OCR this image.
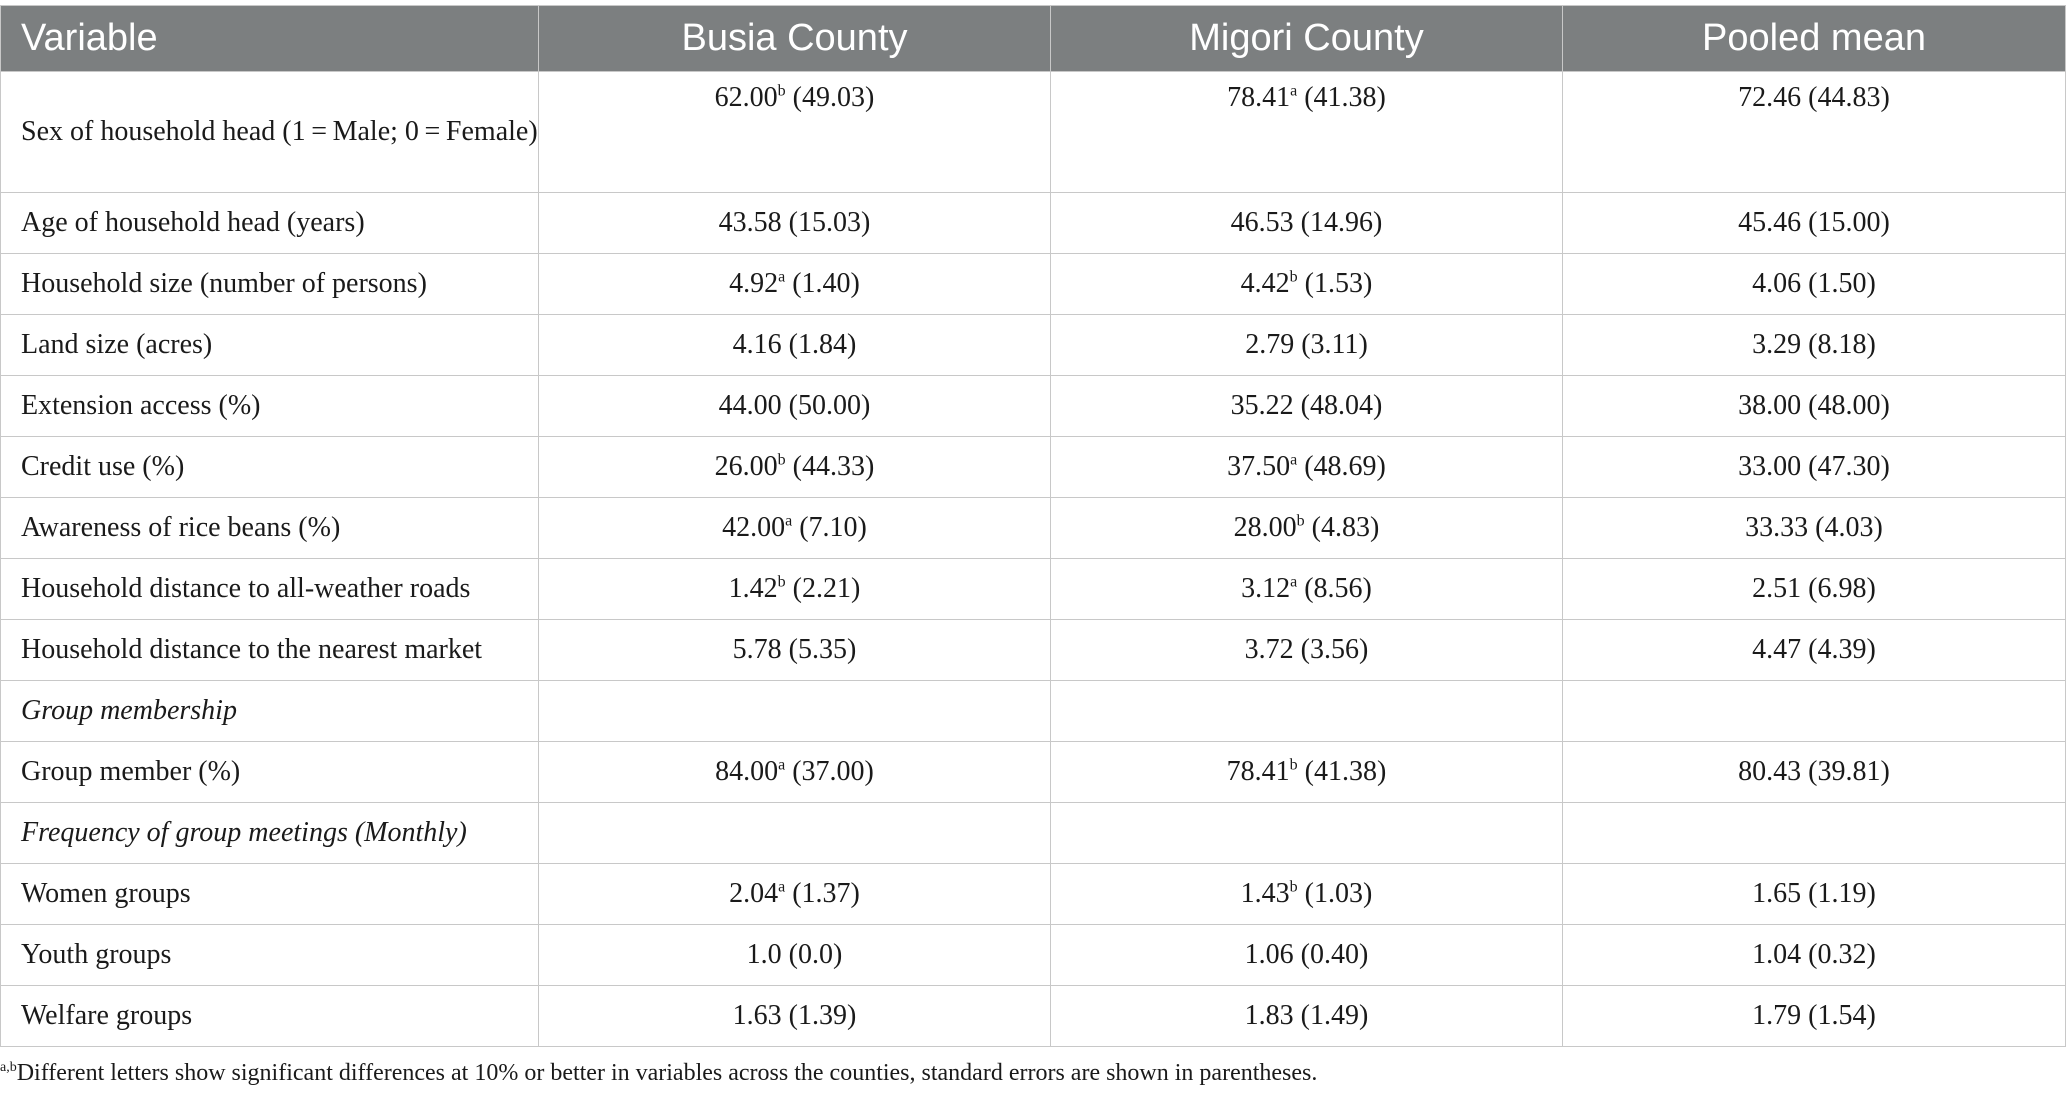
Variable	Busia County	Migori County	Pooled mean
Sex of household head (1 = Male; 0 = Female)	62.00$^b$ (49.03)	78.41$^a$ (41.38)	72.46 (44.83)
Age of household head (years)	43.58 (15.03)	46.53 (14.96)	45.46 (15.00)
Household size (number of persons)	4.92$^a$ (1.40)	4.42$^b$ (1.53)	4.06 (1.50)
Land size (acres)	4.16 (1.84)	2.79 (3.11)	3.29 (8.18)
Extension access (%)	44.00 (50.00)	35.22 (48.04)	38.00 (48.00)
Credit use (%)	26.00$^b$ (44.33)	37.50$^a$ (48.69)	33.00 (47.30)
Awareness of rice beans (%)	42.00$^a$ (7.10)	28.00$^b$ (4.83)	33.33 (4.03)
Household distance to all-weather roads	1.42$^b$ (2.21)	3.12$^a$ (8.56)	2.51 (6.98)
Household distance to the nearest market	5.78 (5.35)	3.72 (3.56)	4.47 (4.39)
Group membership			
Group member (%)	84.00$^a$ (37.00)	78.41$^b$ (41.38)	80.43 (39.81)
Frequency of group meetings (Monthly)			
Women groups	2.04$^a$ (1.37)	1.43$^b$ (1.03)	1.65 (1.19)
Youth groups	1.0 (0.0)	1.06 (0.40)	1.04 (0.32)
Welfare groups	1.63 (1.39)	1.83 (1.49)	1.79 (1.54)
$^{a,b}$Different letters show significant differences at 10% or better in variables across the counties, standard errors are shown in parentheses.
